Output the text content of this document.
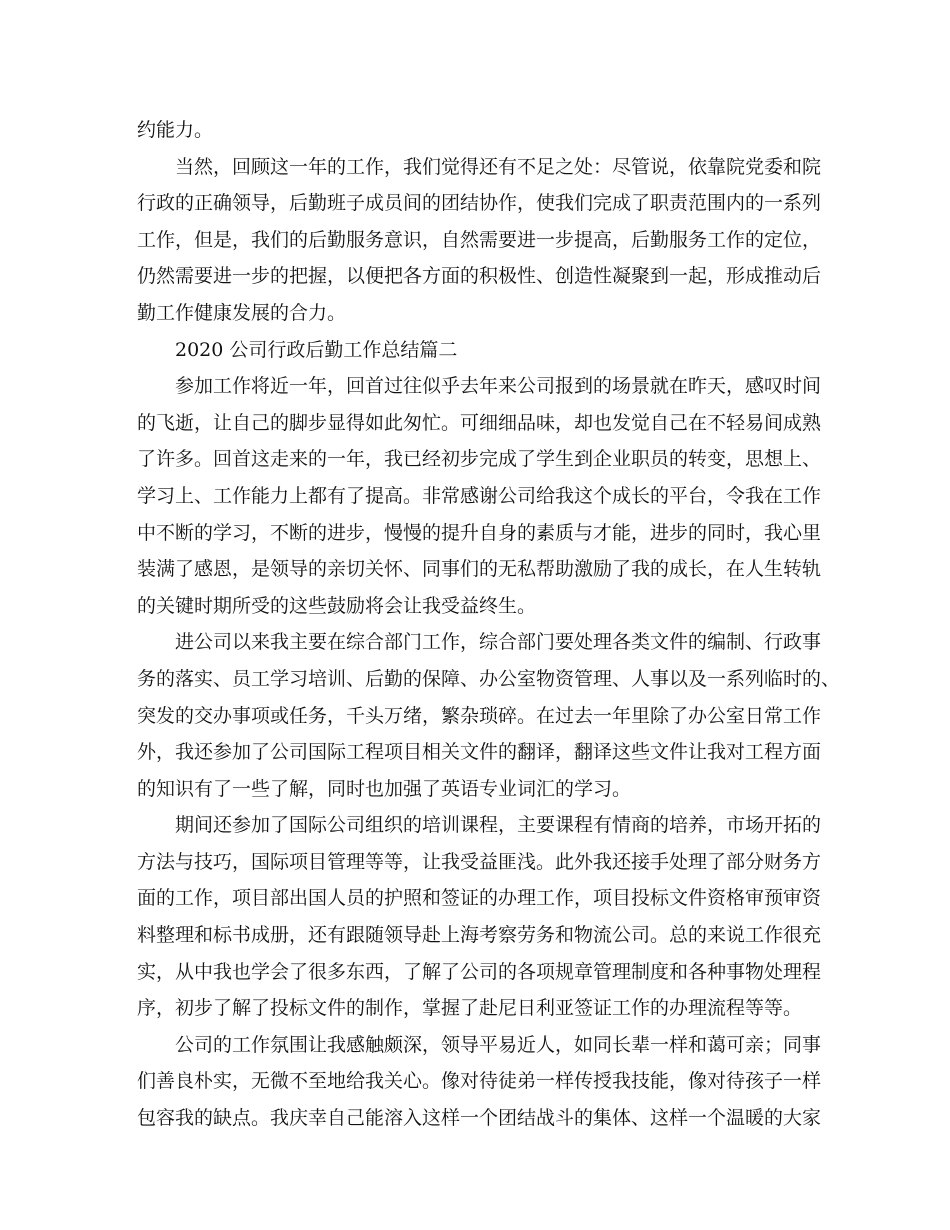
约能力。
当然，回顾这一年的工作，我们觉得还有不足之处：尽管说，依靠院党委和院
行政的正确领导，后勤班子成员间的团结协作，使我们完成了职责范围内的一系列
工作，但是，我们的后勤服务意识，自然需要进一步提高，后勤服务工作的定位，
仍然需要进一步的把握，以便把各方面的积极性、创造性凝聚到一起，形成推动后
勤工作健康发展的合力。
2020 公司行政后勤工作总结篇二
参加工作将近一年，回首过往似乎去年来公司报到的场景就在昨天，感叹时间
的飞逝，让自己的脚步显得如此匆忙。可细细品味，却也发觉自己在不轻易间成熟
了许多。回首这走来的一年，我已经初步完成了学生到企业职员的转变，思想上、
学习上、工作能力上都有了提高。非常感谢公司给我这个成长的平台，令我在工作
中不断的学习，不断的进步，慢慢的提升自身的素质与才能，进步的同时，我心里
装满了感恩，是领导的亲切关怀、同事们的无私帮助激励了我的成长，在人生转轨
的关键时期所受的这些鼓励将会让我受益终生。
进公司以来我主要在综合部门工作，综合部门要处理各类文件的编制、行政事
务的落实、员工学习培训、后勤的保障、办公室物资管理、人事以及一系列临时的、
突发的交办事项或任务，千头万绪，繁杂琐碎。在过去一年里除了办公室日常工作
外，我还参加了公司国际工程项目相关文件的翻译，翻译这些文件让我对工程方面
的知识有了一些了解，同时也加强了英语专业词汇的学习。
期间还参加了国际公司组织的培训课程，主要课程有情商的培养，市场开拓的
方法与技巧，国际项目管理等等，让我受益匪浅。此外我还接手处理了部分财务方
面的工作，项目部出国人员的护照和签证的办理工作，项目投标文件资格审预审资
料整理和标书成册，还有跟随领导赴上海考察劳务和物流公司。总的来说工作很充
实，从中我也学会了很多东西，了解了公司的各项规章管理制度和各种事物处理程
序，初步了解了投标文件的制作，掌握了赴尼日利亚签证工作的办理流程等等。
公司的工作氛围让我感触颇深，领导平易近人，如同长辈一样和蔼可亲；同事
们善良朴实，无微不至地给我关心。像对待徒弟一样传授我技能，像对待孩子一样
包容我的缺点。我庆幸自己能溶入这样一个团结战斗的集体、这样一个温暖的大家
